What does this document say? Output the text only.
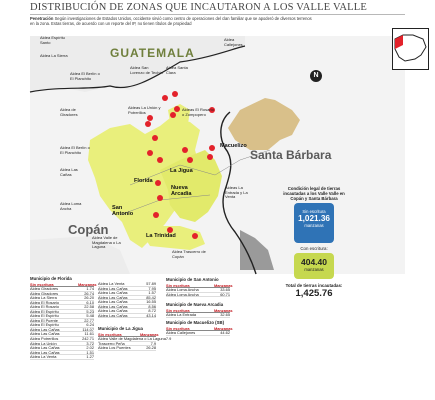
DISTRIBUCIÓN DE ZONAS QUE INCAUTARON A LOS VALLE VALLE
Penetración Según investigaciones de Estados Unidos, occidente sirvió como centro de operaciones del clan familiar que se apoderó de diversos terrenos en la zona. Estas tierras, de acuerdo con un reporte del IP, no tienen títulos de propiedad
N
GUATEMALA
Santa Bárbara
Copán
Florida
La Jigua
Nueva Arcadia
San Antonio
La Trinidad
Macuelizo
Aldea Espíritu Santo
Aldea La Sierra
Aldea El Berlín o El Planchito
Aldea San Lorenzo de Techín
Aldea Santa Clara
Aldea Callejones
Aldeas La Unión y Potrerillos
Aldeas El Rosario o Zompopero
Aldea de Giradores
Aldea El Berlín o El Planchito
Aldea Las Cañas
Aldeas La Entrada y La Venta
Aldea Loma Ancha
Aldea Valle de Magdalena o La Laguna
Aldea Trascerro de Copán
Condición legal de tierras incautadas a los Valle Valle en Copán y Santa Bárbara
Sin escritura
1,021.36
manzanas
Con escritura:
404.40
manzanas
Total de tierras incautadas:
1,425.76
Municipio de Florida
Sin escritura	Manzanas
Aldea Giradores	1.74
Aldea Giradores	26.74
Aldea La Sierra	26.20
Aldea El Rosario	6.10
Aldea El Rosario	22.58
Aldea El Espíritu	5.23
Aldea El Espíritu	5.48
Aldea El Puente	22.77
Aldea El Espíritu	6.24
Aldea Las Cañas	114.07
Aldea Las Cañas	11.61
Aldea Potrerillos	242.71
Aldea La Unión	3.72
Aldea Las Cañas	2.02
Aldea Las Cañas	1.51
Aldea La Venta	1.27
Aldea La Venta	57.89
Aldea Las Cañas	7.95
Aldea Las Cañas	1.57
Aldea Las Cañas	85.42
Aldea Las Cañas	16.55
Aldea Las Cañas	8.56
Aldea Las Cañas	8.72
Aldea Las Cañas	43.14
Municipio de La Jigua
Sin escritura	Manzanas
Aldea Valle de Magdalena o La Laguna 7.9
Trascerro Peña	7.9
Aldea Los Puentes	26.28
Municipio de San Antonio
Sin escritura	Manzanas
Aldea Loma Ancha	33.65
Aldea Loma Ancha	60.71
Municipio de Nueva Arcadia
Sin escritura	Manzanas
Aldea La Entrada	32.65
Municipio de Macuelizo (SB)
Sin escritura	Manzanas
Aldea Callejones	44.62
